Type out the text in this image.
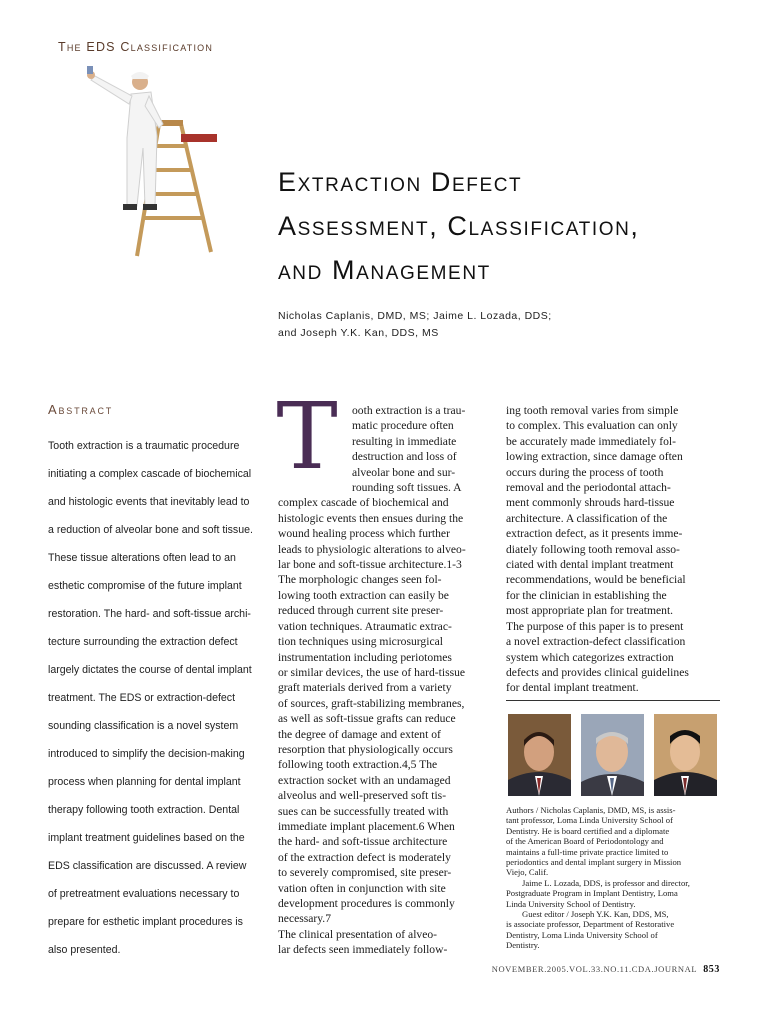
The EDS Classification
Extraction Defect
Assessment, Classification,
and Management
Nicholas Caplanis, DMD, MS; Jaime L. Lozada, DDS;
and Joseph Y.K. Kan, DDS, MS
Abstract
Tooth extraction is a traumatic procedure
initiating a complex cascade of biochemical
and histologic events that inevitably lead to
a reduction of alveolar bone and soft tissue.
These tissue alterations often lead to an
esthetic compromise of the future implant
restoration. The hard- and soft-tissue archi-
tecture surrounding the extraction defect
largely dictates the course of dental implant
treatment. The EDS or extraction-defect
sounding classification is a novel system
introduced to simplify the decision-making
process when planning for dental implant
therapy following tooth extraction. Dental
implant treatment guidelines based on the
EDS classification are discussed. A review
of pretreatment evaluations necessary to
prepare for esthetic implant procedures is
also presented.
T	ooth extraction is a trau-
matic procedure often
resulting in immediate
destruction and loss of
alveolar bone and sur-
rounding soft tissues. A
complex cascade of biochemical and
histologic events then ensues during the
wound healing process which further
leads to physiologic alterations to alveo-
lar bone and soft-tissue architecture.1-3
The morphologic changes seen fol-
lowing tooth extraction can easily be
reduced through current site preser-
vation techniques. Atraumatic extrac-
tion techniques using microsurgical
instrumentation including periotomes
or similar devices, the use of hard-tissue
graft materials derived from a variety
of sources, graft-stabilizing membranes,
as well as soft-tissue grafts can reduce
the degree of damage and extent of
resorption that physiologically occurs
following tooth extraction.4,5 The
extraction socket with an undamaged
alveolus and well-preserved soft tis-
sues can be successfully treated with
immediate implant placement.6 When
the hard- and soft-tissue architecture
of the extraction defect is moderately
to severely compromised, site preser-
vation often in conjunction with site
development procedures is commonly
necessary.7
The clinical presentation of alveo-
lar defects seen immediately follow-
ing tooth removal varies from simple
to complex. This evaluation can only
be accurately made immediately fol-
lowing extraction, since damage often
occurs during the process of tooth
removal and the periodontal attach-
ment commonly shrouds hard-tissue
architecture. A classification of the
extraction defect, as it presents imme-
diately following tooth removal asso-
ciated with dental implant treatment
recommendations, would be beneficial
for the clinician in establishing the
most appropriate plan for treatment.
The purpose of this paper is to present
a novel extraction-defect classification
system which categorizes extraction
defects and provides clinical guidelines
for dental implant treatment.
Authors / Nicholas Caplanis, DMD, MS, is assis-
tant professor, Loma Linda University School of
Dentistry. He is board certified and a diplomate
of the American Board of Periodontology and
maintains a full-time private practice limited to
periodontics and dental implant surgery in Mission
Viejo, Calif.
Jaime L. Lozada, DDS, is professor and director,
Postgraduate Program in Implant Dentistry, Loma
Linda University School of Dentistry.
Guest editor / Joseph Y.K. Kan, DDS, MS,
is associate professor, Department of Restorative
Dentistry, Loma Linda University School of
Dentistry.
NOVEMBER.2005.VOL.33.NO.11.CDA.JOURNAL 853
